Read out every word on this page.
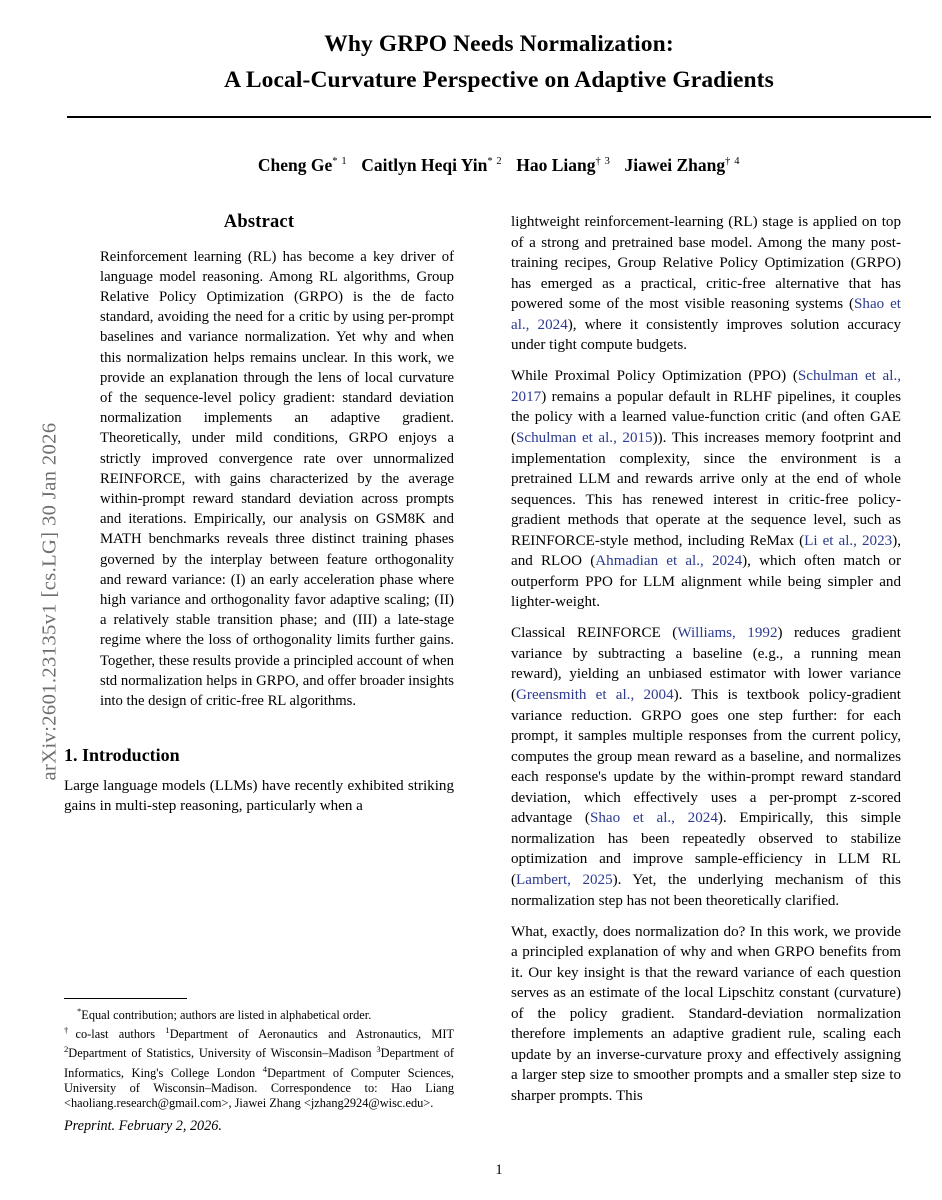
arXiv:2601.23135v1 [cs.LG] 30 Jan 2026
Why GRPO Needs Normalization:
A Local-Curvature Perspective on Adaptive Gradients
Cheng Ge$^{* 1}$ Caitlyn Heqi Yin$^{* 2}$ Hao Liang$^{\dagger 3}$ Jiawei Zhang$^{\dagger 4}$
Abstract
Reinforcement learning (RL) has become a key driver of language model reasoning. Among RL algorithms, Group Relative Policy Optimization (GRPO) is the de facto standard, avoiding the need for a critic by using per-prompt baselines and variance normalization. Yet why and when this normalization helps remains unclear. In this work, we provide an explanation through the lens of local curvature of the sequence-level policy gradient: standard deviation normalization implements an adaptive gradient. Theoretically, under mild conditions, GRPO enjoys a strictly improved convergence rate over unnormalized REINFORCE, with gains characterized by the average within-prompt reward standard deviation across prompts and iterations. Empirically, our analysis on GSM8K and MATH benchmarks reveals three distinct training phases governed by the interplay between feature orthogonality and reward variance: (I) an early acceleration phase where high variance and orthogonality favor adaptive scaling; (II) a relatively stable transition phase; and (III) a late-stage regime where the loss of orthogonality limits further gains. Together, these results provide a principled account of when std normalization helps in GRPO, and offer broader insights into the design of critic-free RL algorithms.
1. Introduction

Large language models (LLMs) have recently exhibited striking gains in multi-step reasoning, particularly when a

lightweight reinforcement-learning (RL) stage is applied on top of a strong and pretrained base model. Among the many post-training recipes, Group Relative Policy Optimization (GRPO) has emerged as a practical, critic-free alternative that has powered some of the most visible reasoning systems (Shao et al., 2024), where it consistently improves solution accuracy under tight compute budgets.

While Proximal Policy Optimization (PPO) (Schulman et al., 2017) remains a popular default in RLHF pipelines, it couples the policy with a learned value-function critic (and often GAE (Schulman et al., 2015)). This increases memory footprint and implementation complexity, since the environment is a pretrained LLM and rewards arrive only at the end of whole sequences. This has renewed interest in critic-free policy-gradient methods that operate at the sequence level, such as REINFORCE-style method, including ReMax (Li et al., 2023), and RLOO (Ahmadian et al., 2024), which often match or outperform PPO for LLM alignment while being simpler and lighter-weight.

Classical REINFORCE (Williams, 1992) reduces gradient variance by subtracting a baseline (e.g., a running mean reward), yielding an unbiased estimator with lower variance (Greensmith et al., 2004). This is textbook policy-gradient variance reduction. GRPO goes one step further: for each prompt, it samples multiple responses from the current policy, computes the group mean reward as a baseline, and normalizes each response's update by the within-prompt reward standard deviation, which effectively uses a per-prompt z-scored advantage (Shao et al., 2024). Empirically, this simple normalization has been repeatedly observed to stabilize optimization and improve sample-efficiency in LLM RL (Lambert, 2025). Yet, the underlying mechanism of this normalization step has not been theoretically clarified.

What, exactly, does normalization do? In this work, we provide a principled explanation of why and when GRPO benefits from it. Our key insight is that the reward variance of each question serves as an estimate of the local Lipschitz constant (curvature) of the policy gradient. Standard-deviation normalization therefore implements an adaptive gradient rule, scaling each update by an inverse-curvature proxy and effectively assigning a larger step size to smoother prompts and a smaller step size to sharper prompts. This

*Equal contribution; authors are listed in alphabetical order.
†co-last authors $^1$Department of Aeronautics and Astronautics, MIT $^2$Department of Statistics, University of Wisconsin–Madison $^3$Department of Informatics, King's College London $^4$Department of Computer Sciences, University of Wisconsin–Madison. Correspondence to: Hao Liang <haoliang.research@gmail.com>, Jiawei Zhang <jzhang2924@wisc.edu>.
Preprint. February 2, 2026.
1
